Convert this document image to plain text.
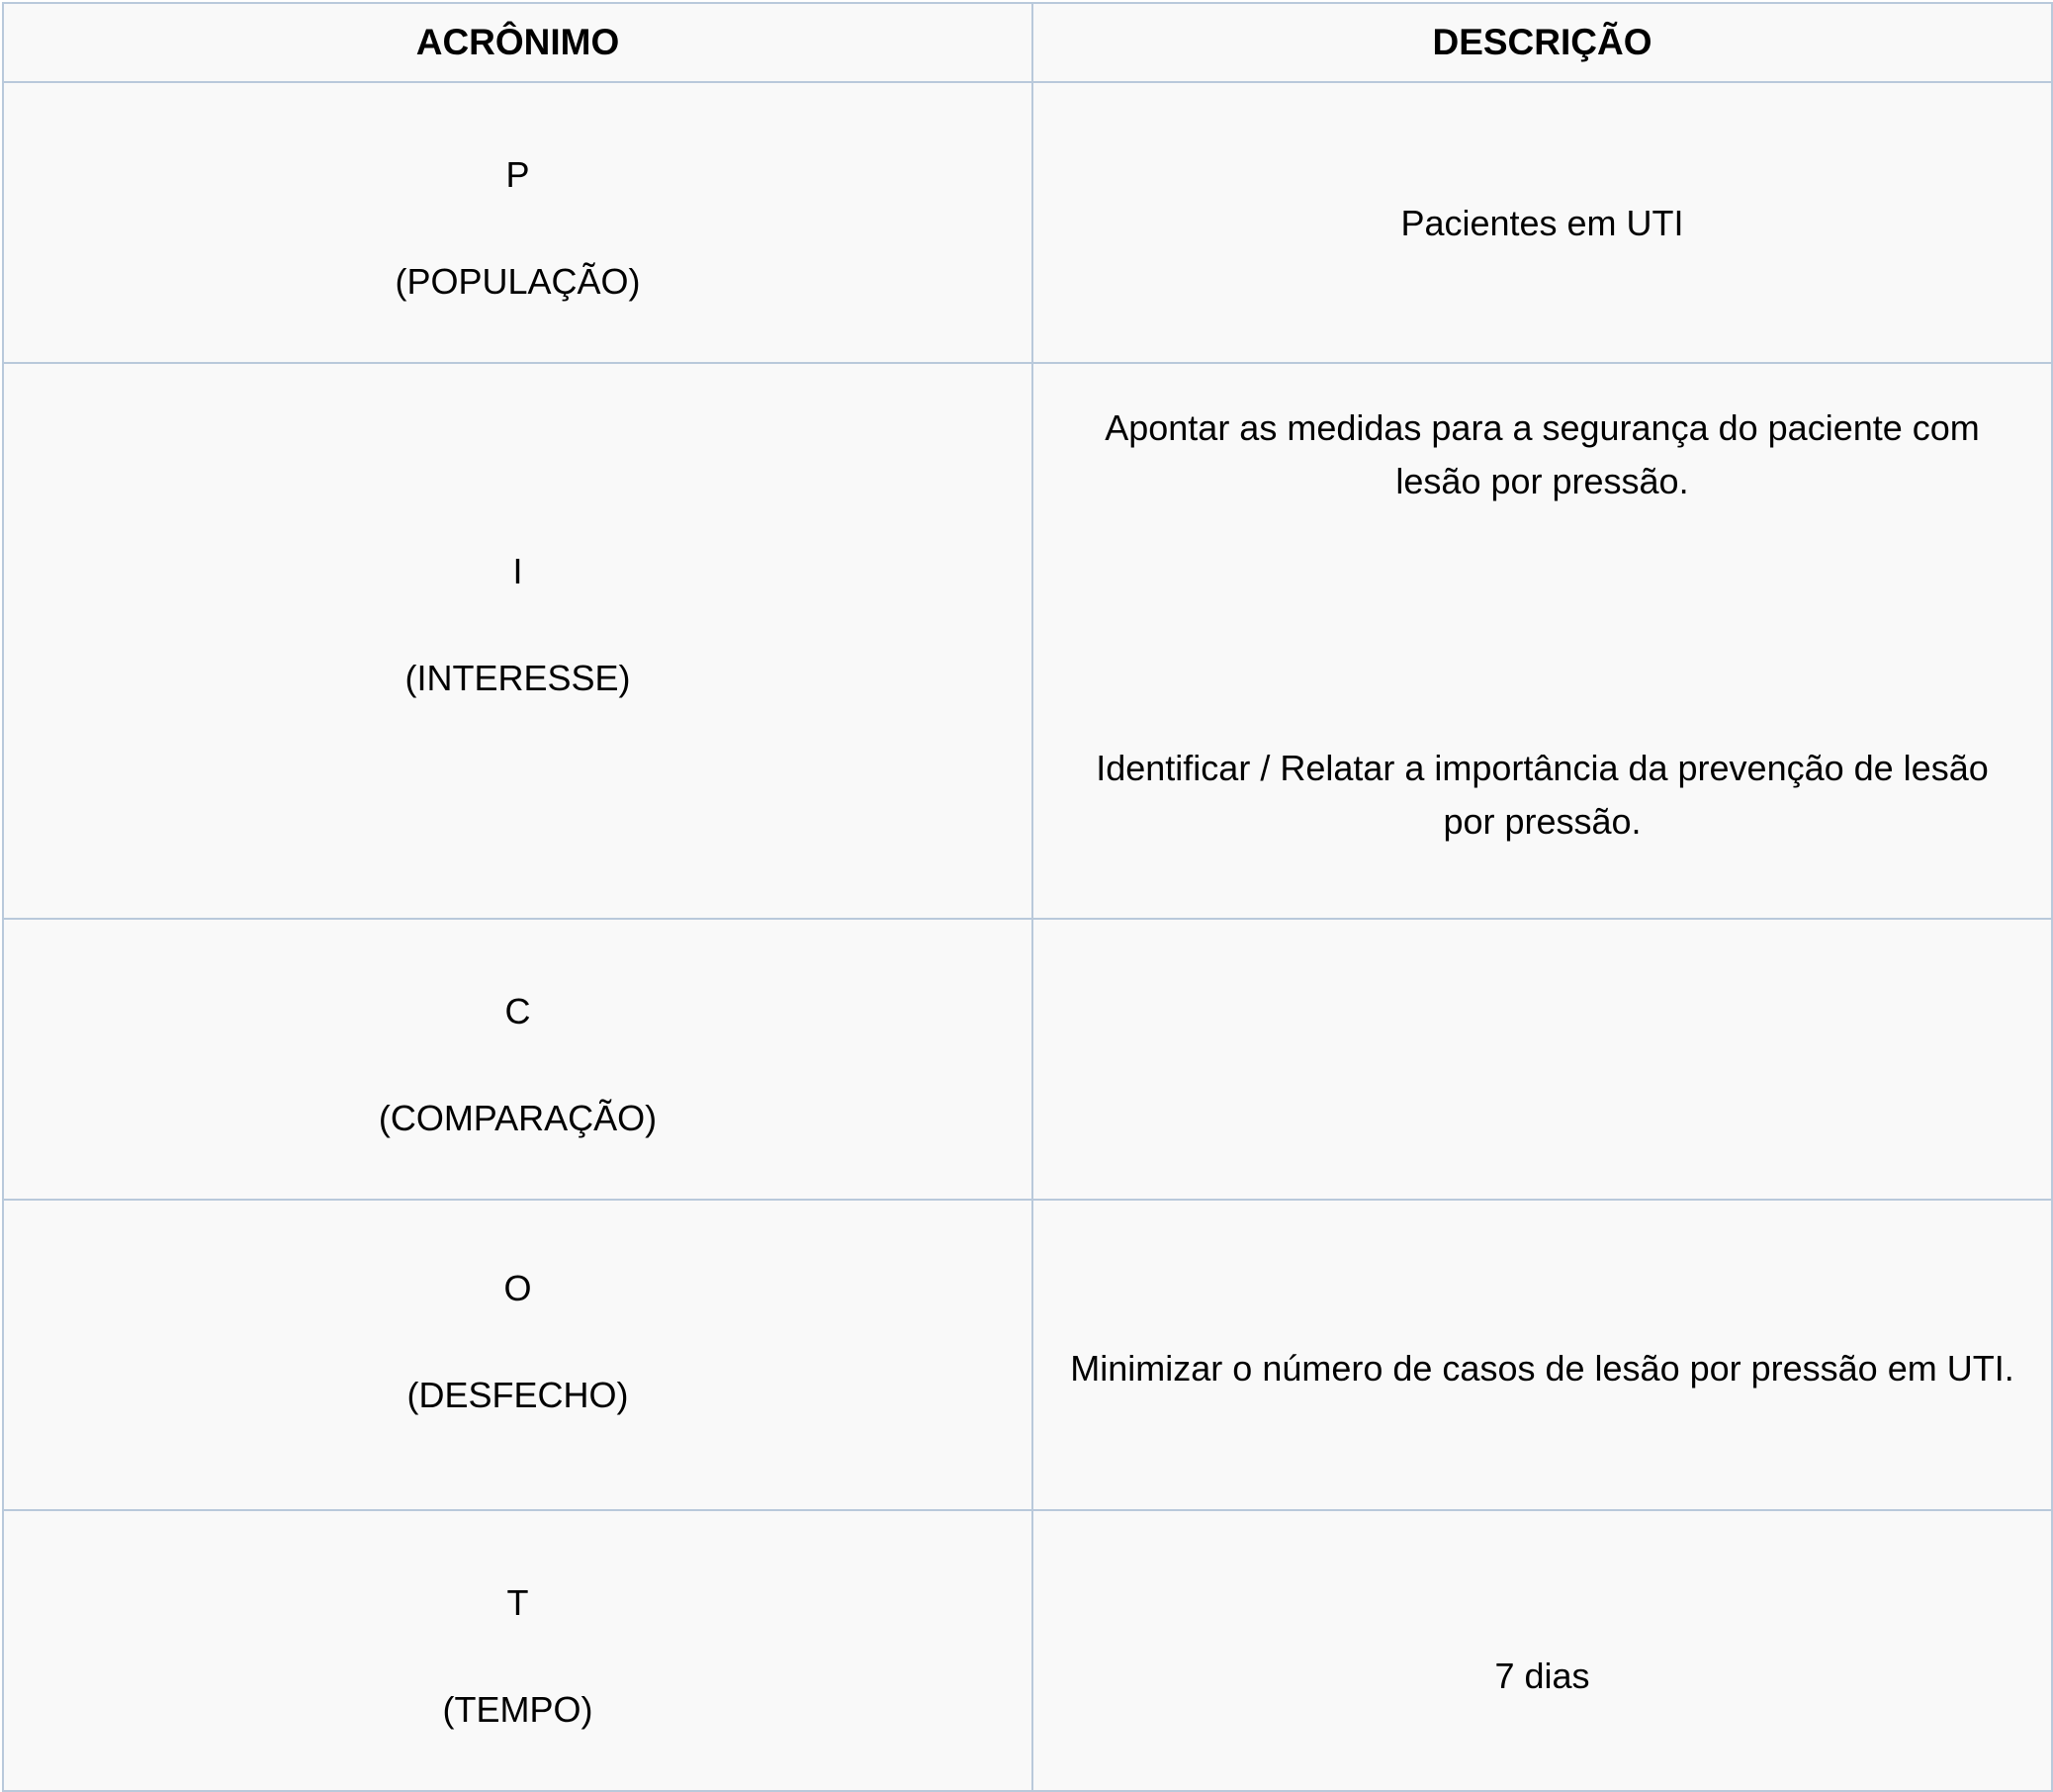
ACRÔNIMO	DESCRIÇÃO

P

(POPULAÇÃO)	Pacientes em UTI

I

(INTERESSE)	Apontar as medidas para a segurança do paciente com lesão por pressão.

Identificar / Relatar a importância da prevenção de lesão por pressão.

C

(COMPARAÇÃO)	

O

(DESFECHO)	Minimizar o número de casos de lesão por pressão em UTI.

T

(TEMPO)	7 dias
